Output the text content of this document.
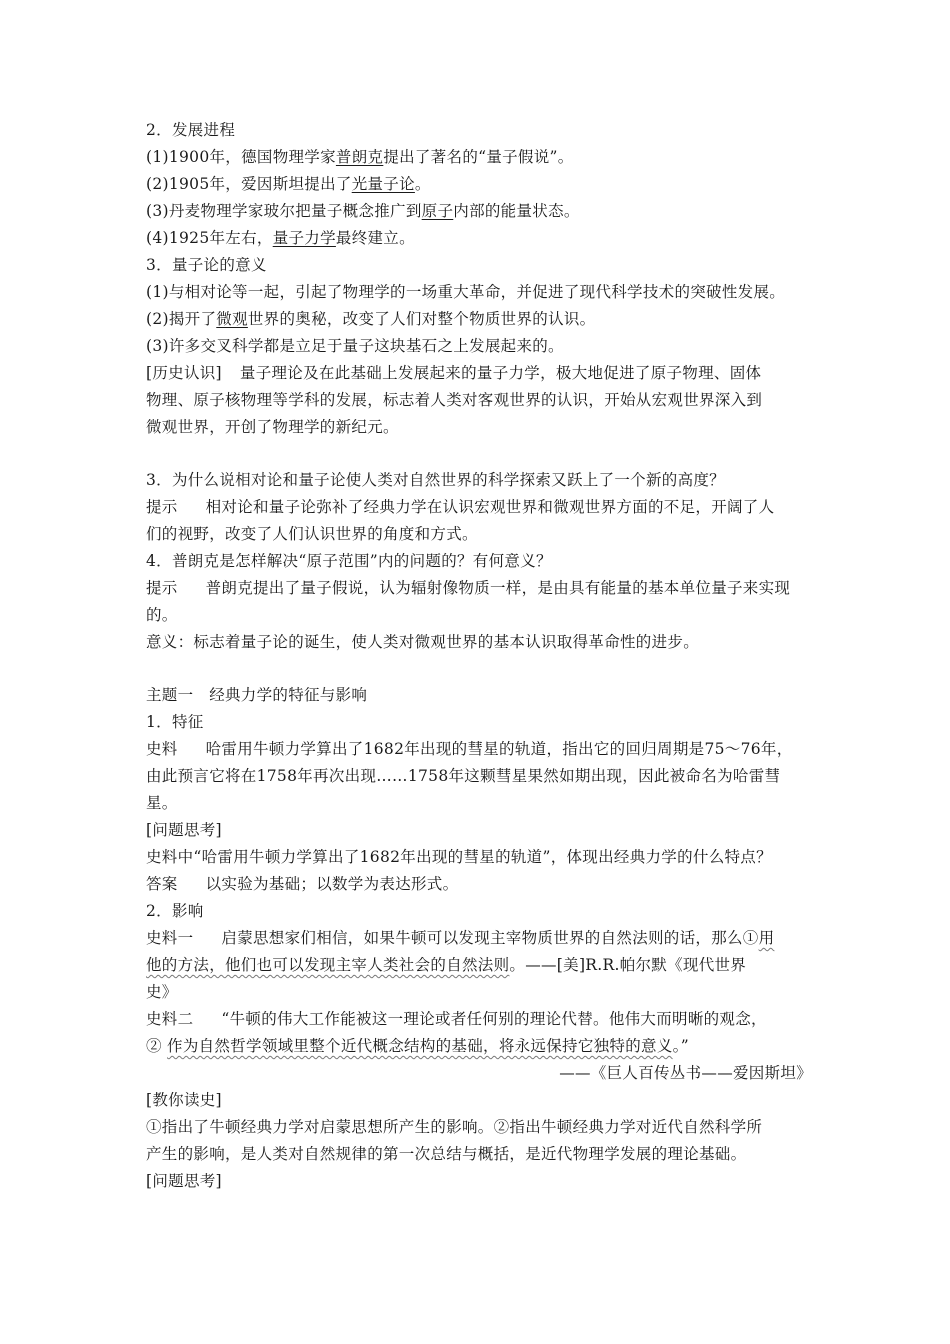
2．发展进程
(1)1900年，德国物理学家普朗克提出了著名的“量子假说”。
(2)1905年，爱因斯坦提出了光量子论。
(3)丹麦物理学家玻尔把量子概念推广到原子内部的能量状态。
(4)1925年左右，量子力学最终建立。
3．量子论的意义
(1)与相对论等一起，引起了物理学的一场重大革命，并促进了现代科学技术的突破性发展。
(2)揭开了微观世界的奥秘，改变了人们对整个物质世界的认识。
(3)许多交叉科学都是立足于量子这块基石之上发展起来的。
[历史认识] 量子理论及在此基础上发展起来的量子力学，极大地促进了原子物理、固体
物理、原子核物理等学科的发展，标志着人类对客观世界的认识，开始从宏观世界深入到
微观世界，开创了物理学的新纪元。
3．为什么说相对论和量子论使人类对自然世界的科学探索又跃上了一个新的高度？
提示 相对论和量子论弥补了经典力学在认识宏观世界和微观世界方面的不足，开阔了人
们的视野，改变了人们认识世界的角度和方式。
4．普朗克是怎样解决“原子范围”内的问题的？有何意义？
提示 普朗克提出了量子假说，认为辐射像物质一样，是由具有能量的基本单位量子来实现
的。
意义：标志着量子论的诞生，使人类对微观世界的基本认识取得革命性的进步。
主题一　经典力学的特征与影响
1．特征
史料 哈雷用牛顿力学算出了1682年出现的彗星的轨道，指出它的回归周期是75～76年，
由此预言它将在1758年再次出现……1758年这颗彗星果然如期出现，因此被命名为哈雷彗
星。
[问题思考]
史料中“哈雷用牛顿力学算出了1682年出现的彗星的轨道”，体现出经典力学的什么特点？
答案 以实验为基础；以数学为表达形式。
2．影响
史料一 启蒙思想家们相信，如果牛顿可以发现主宰物质世界的自然法则的话，那么①用
他的方法，他们也可以发现主宰人类社会的自然法则。——[美]R.R.帕尔默《现代世界
史》
史料二 “牛顿的伟大工作能被这一理论或者任何别的理论代替。他伟大而明晰的观念，
② 作为自然哲学领域里整个近代概念结构的基础，将永远保持它独特的意义。”
——《巨人百传丛书——爱因斯坦》
[教你读史]
①指出了牛顿经典力学对启蒙思想所产生的影响。②指出牛顿经典力学对近代自然科学所
产生的影响，是人类对自然规律的第一次总结与概括，是近代物理学发展的理论基础。
[问题思考]
